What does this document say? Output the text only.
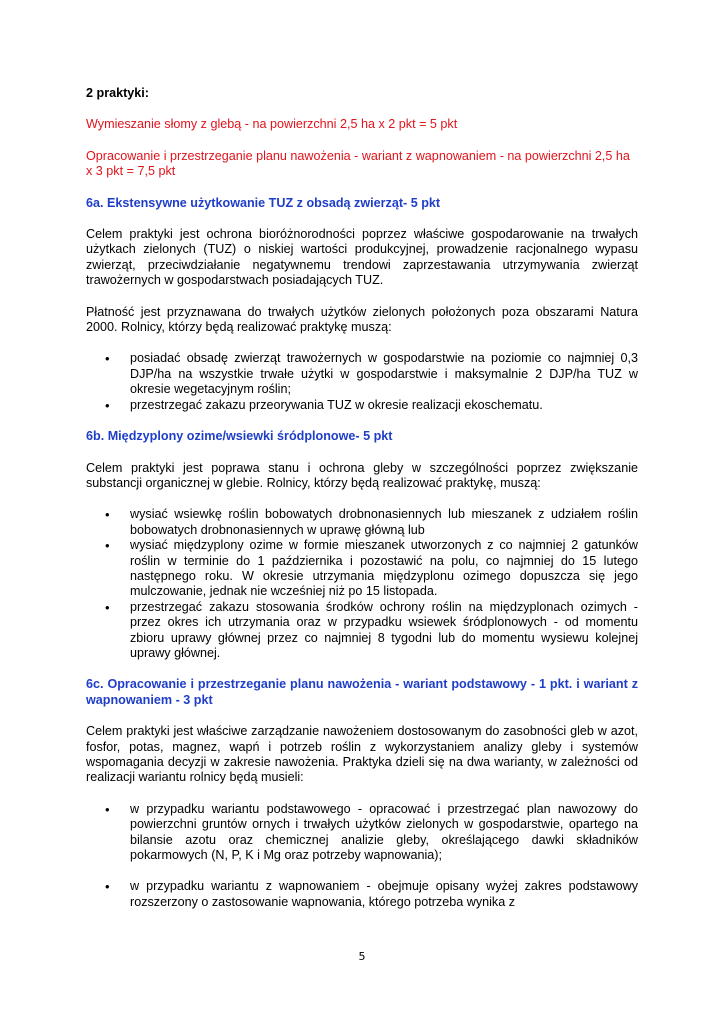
2 praktyki:

Wymieszanie słomy z glebą - na powierzchni 2,5 ha x 2 pkt = 5 pkt

Opracowanie i przestrzeganie planu nawożenia - wariant z wapnowaniem - na powierzchni 2,5 ha x 3 pkt = 7,5 pkt

6a. Ekstensywne użytkowanie TUZ z obsadą zwierząt- 5 pkt

Celem praktyki jest ochrona bioróżnorodności poprzez właściwe gospodarowanie na trwałych użytkach zielonych (TUZ) o niskiej wartości produkcyjnej, prowadzenie racjonalnego wypasu zwierząt, przeciwdziałanie negatywnemu trendowi zaprzestawania utrzymywania zwierząt trawożernych w gospodarstwach posiadających TUZ.

Płatność jest przyznawana do trwałych użytków zielonych położonych poza obszarami Natura 2000. Rolnicy, którzy będą realizować praktykę muszą:

• posiadać obsadę zwierząt trawożernych w gospodarstwie na poziomie co najmniej 0,3 DJP/ha na wszystkie trwałe użytki w gospodarstwie i maksymalnie 2 DJP/ha TUZ w okresie wegetacyjnym roślin;
• przestrzegać zakazu przeorywania TUZ w okresie realizacji ekoschematu.

6b. Międzyplony ozime/wsiewki śródplonowe- 5 pkt

Celem praktyki jest poprawa stanu i ochrona gleby w szczególności poprzez zwiększanie substancji organicznej w glebie. Rolnicy, którzy będą realizować praktykę, muszą:

• wysiać wsiewkę roślin bobowatych drobnonasiennych lub mieszanek z udziałem roślin bobowatych drobnonasiennych w uprawę główną lub
• wysiać międzyplony ozime w formie mieszanek utworzonych z co najmniej 2 gatunków roślin w terminie do 1 października i pozostawić na polu, co najmniej do 15 lutego następnego roku. W okresie utrzymania międzyplonu ozimego dopuszcza się jego mulczowanie, jednak nie wcześniej niż po 15 listopada.
• przestrzegać zakazu stosowania środków ochrony roślin na międzyplonach ozimych - przez okres ich utrzymania oraz w przypadku wsiewek śródplonowych - od momentu zbioru uprawy głównej przez co najmniej 8 tygodni lub do momentu wysiewu kolejnej uprawy głównej.

6c. Opracowanie i przestrzeganie planu nawożenia - wariant podstawowy - 1 pkt. i wariant z wapnowaniem - 3 pkt

Celem praktyki jest właściwe zarządzanie nawożeniem dostosowanym do zasobności gleb w azot, fosfor, potas, magnez, wapń i potrzeb roślin z wykorzystaniem analizy gleby i systemów wspomagania decyzji w zakresie nawożenia. Praktyka dzieli się na dwa warianty, w zależności od realizacji wariantu rolnicy będą musieli:

• w przypadku wariantu podstawowego - opracować i przestrzegać plan nawozowy do powierzchni gruntów ornych i trwałych użytków zielonych w gospodarstwie, opartego na bilansie azotu oraz chemicznej analizie gleby, określającego dawki składników pokarmowych (N, P, K i Mg oraz potrzeby wapnowania);
• w przypadku wariantu z wapnowaniem - obejmuje opisany wyżej zakres podstawowy rozszerzony o zastosowanie wapnowania, którego potrzeba wynika z
5
